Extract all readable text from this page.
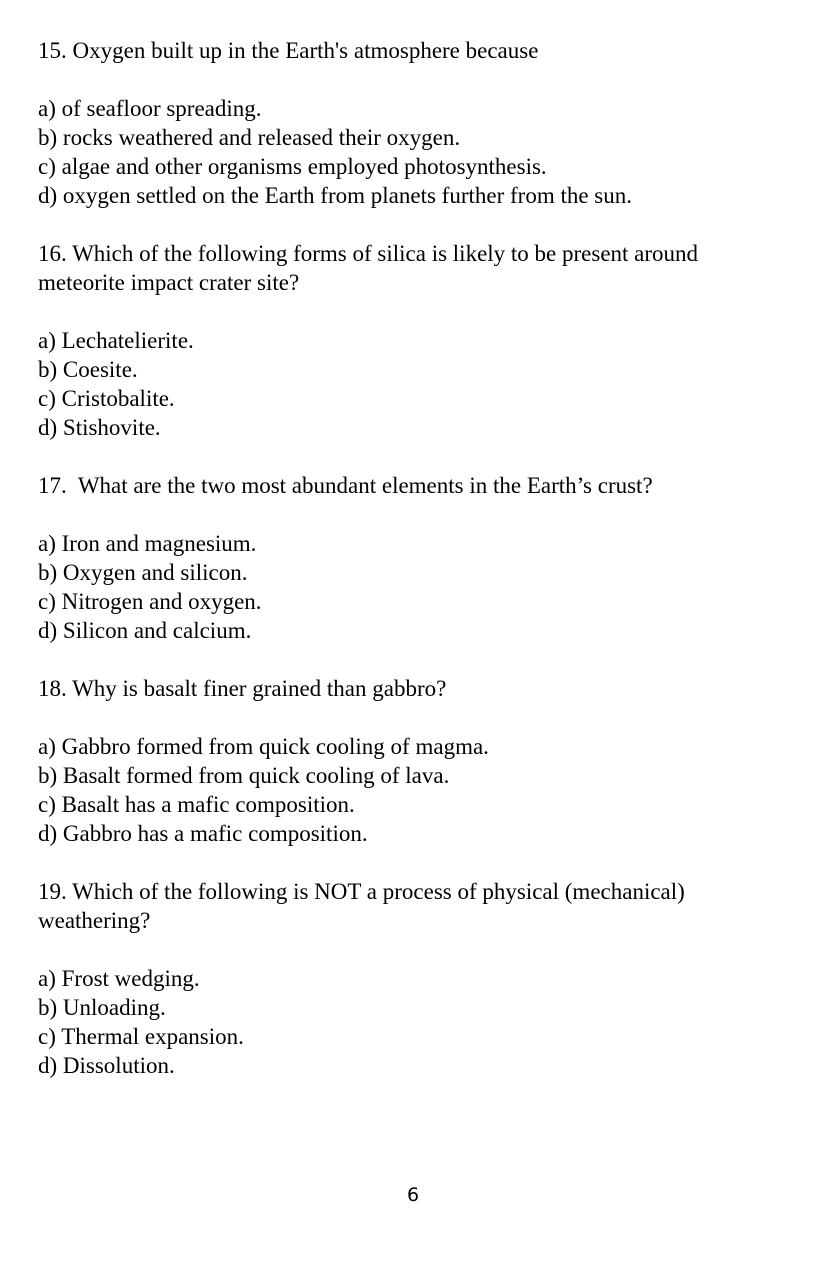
15. Oxygen built up in the Earth's atmosphere because

a) of seafloor spreading.

b) rocks weathered and released their oxygen.

c) algae and other organisms employed photosynthesis.

d) oxygen settled on the Earth from planets further from the sun.

16. Which of the following forms of silica is likely to be present around meteorite impact crater site?

a) Lechatelierite.

b) Coesite.

c) Cristobalite.

d) Stishovite.

17.  What are the two most abundant elements in the Earth’s crust?

a) Iron and magnesium.

b) Oxygen and silicon.

c) Nitrogen and oxygen.

d) Silicon and calcium.

18. Why is basalt finer grained than gabbro?

a) Gabbro formed from quick cooling of magma.

b) Basalt formed from quick cooling of lava.

c) Basalt has a mafic composition.

d) Gabbro has a mafic composition.

19. Which of the following is NOT a process of physical (mechanical) weathering?

a) Frost wedging.

b) Unloading.

c) Thermal expansion.

d) Dissolution.

6
